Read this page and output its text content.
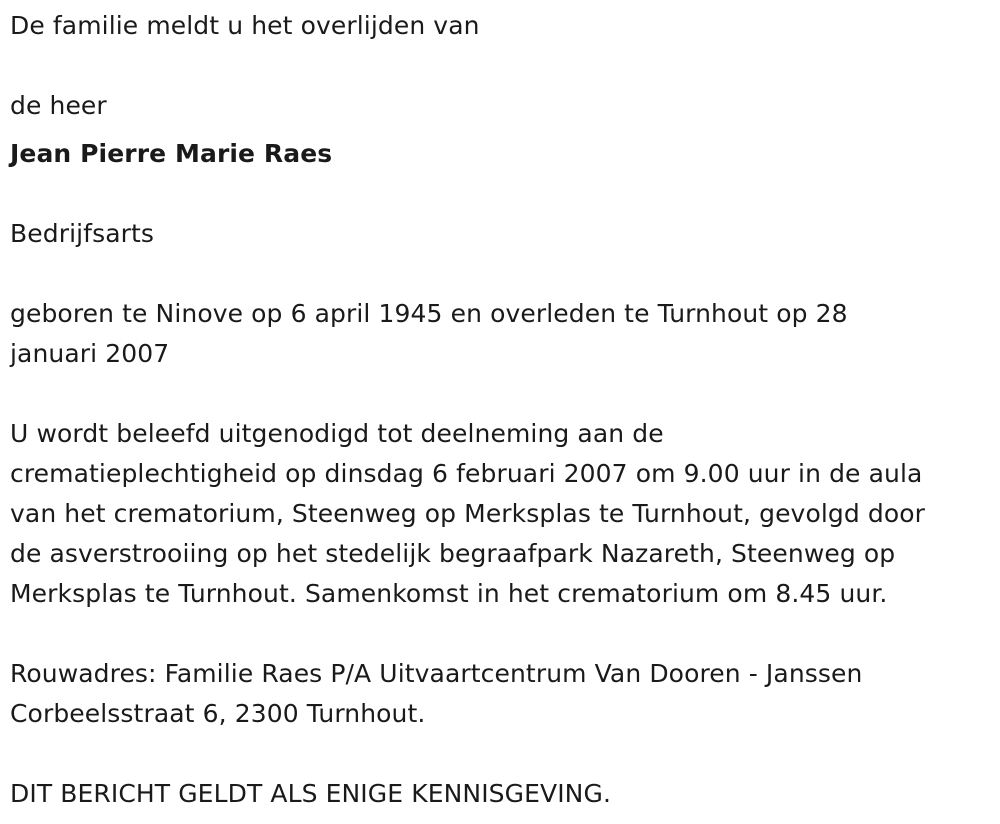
De familie meldt u het overlijden van
de heer
Jean Pierre Marie Raes
Bedrijfsarts
geboren te Ninove op 6 april 1945 en overleden te Turnhout op 28
januari 2007
U wordt beleefd uitgenodigd tot deelneming aan de
crematieplechtigheid op dinsdag 6 februari 2007 om 9.00 uur in de aula
van het crematorium, Steenweg op Merksplas te Turnhout, gevolgd door
de asverstrooiing op het stedelijk begraafpark Nazareth, Steenweg op
Merksplas te Turnhout. Samenkomst in het crematorium om 8.45 uur.
Rouwadres: Familie Raes P/A Uitvaartcentrum Van Dooren - Janssen
Corbeelsstraat 6, 2300 Turnhout.
DIT BERICHT GELDT ALS ENIGE KENNISGEVING.
